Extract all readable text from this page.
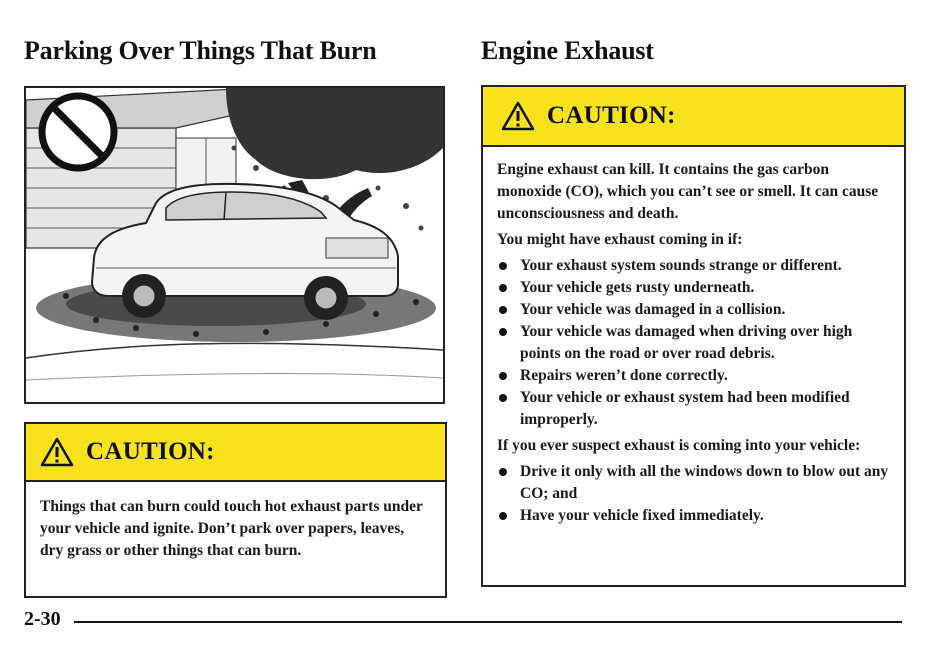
Parking Over Things That Burn	Engine Exhaust
CAUTION:

Things that can burn could touch hot exhaust parts under your vehicle and ignite. Don’t park over papers, leaves, dry grass or other things that can burn.

CAUTION:

Engine exhaust can kill. It contains the gas carbon monoxide (CO), which you can’t see or smell. It can cause unconsciousness and death.

You might have exhaust coming in if:

Your exhaust system sounds strange or different.
Your vehicle gets rusty underneath.
Your vehicle was damaged in a collision.
Your vehicle was damaged when driving over high points on the road or over road debris.
Repairs weren’t done correctly.
Your vehicle or exhaust system had been modified improperly.

If you ever suspect exhaust is coming into your vehicle:

Drive it only with all the windows down to blow out any CO; and
Have your vehicle fixed immediately.
2-30
